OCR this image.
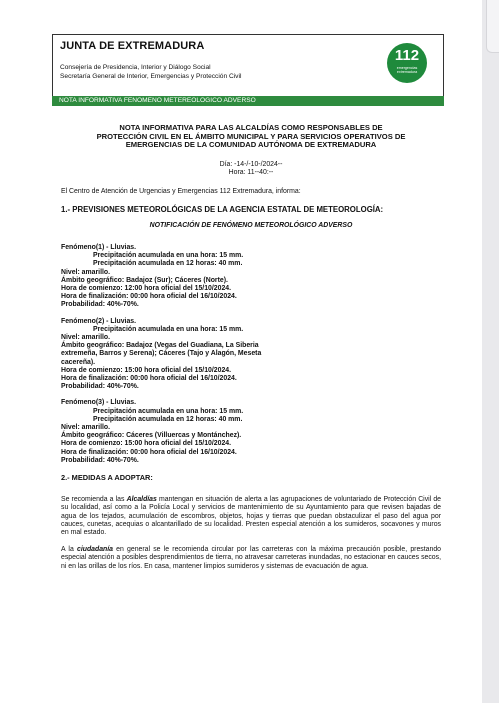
JUNTA DE EXTREMADURA
Consejería de Presidencia, Interior y Diálogo Social
Secretaría General de Interior, Emergencias y Protección Civil
112
emergencias extremadura
NOTA INFORMATIVA FENOMENO METEREOLOGICO ADVERSO

NOTA INFORMATIVA PARA LAS ALCALDÍAS COMO RESPONSABLES DE
PROTECCIÓN CIVIL EN EL ÁMBITO MUNICIPAL Y PARA SERVICIOS OPERATIVOS DE
EMERGENCIAS DE LA COMUNIDAD AUTÓNOMA DE EXTREMADURA

Día: -14-/-10-/2024--
Hora: 11--40:--

El Centro de Atención de Urgencias y Emergencias 112 Extremadura, informa:

1.- PREVISIONES METEOROLÓGICAS DE LA AGENCIA ESTATAL DE METEOROLOGÍA:

NOTIFICACIÓN DE FENÓMENO METEOROLÓGICO ADVERSO

Fenómeno(1) - Lluvias.
Precipitación acumulada en una hora: 15 mm.
Precipitación acumulada en 12 horas: 40 mm.
Nivel: amarillo.
Ámbito geográfico: Badajoz (Sur); Cáceres (Norte).
Hora de comienzo: 12:00 hora oficial del 15/10/2024.
Hora de finalización: 00:00 hora oficial del 16/10/2024.
Probabilidad: 40%-70%.
Fenómeno(2) - Lluvias.
Precipitación acumulada en una hora: 15 mm.
Nivel: amarillo.
Ámbito geográfico: Badajoz (Vegas del Guadiana, La Siberia
extremeña, Barros y Serena); Cáceres (Tajo y Alagón, Meseta
cacereña).
Hora de comienzo: 15:00 hora oficial del 15/10/2024.
Hora de finalización: 00:00 hora oficial del 16/10/2024.
Probabilidad: 40%-70%.
Fenómeno(3) - Lluvias.
Precipitación acumulada en una hora: 15 mm.
Precipitación acumulada en 12 horas: 40 mm.
Nivel: amarillo.
Ámbito geográfico: Cáceres (Villuercas y Montánchez).
Hora de comienzo: 15:00 hora oficial del 15/10/2024.
Hora de finalización: 00:00 hora oficial del 16/10/2024.
Probabilidad: 40%-70%.

2.- MEDIDAS A ADOPTAR:

Se recomienda a las Alcaldías mantengan en situación de alerta a las agrupaciones de voluntariado de Protección Civil de su localidad, así como a la Policía Local y servicios de mantenimiento de su Ayuntamiento para que revisen bajadas de agua de los tejados, acumulación de escombros, objetos, hojas y tierras que puedan obstaculizar el paso del agua por cauces, cunetas, acequias o alcantarillado de su localidad. Presten especial atención a los sumideros, socavones y muros en mal estado.

A la ciudadanía en general se le recomienda circular por las carreteras con la máxima precaución posible, prestando especial atención a posibles desprendimientos de tierra, no atravesar carreteras inundadas, no estacionar en cauces secos, ni en las orillas de los ríos. En casa, mantener limpios sumideros y sistemas de evacuación de agua.
